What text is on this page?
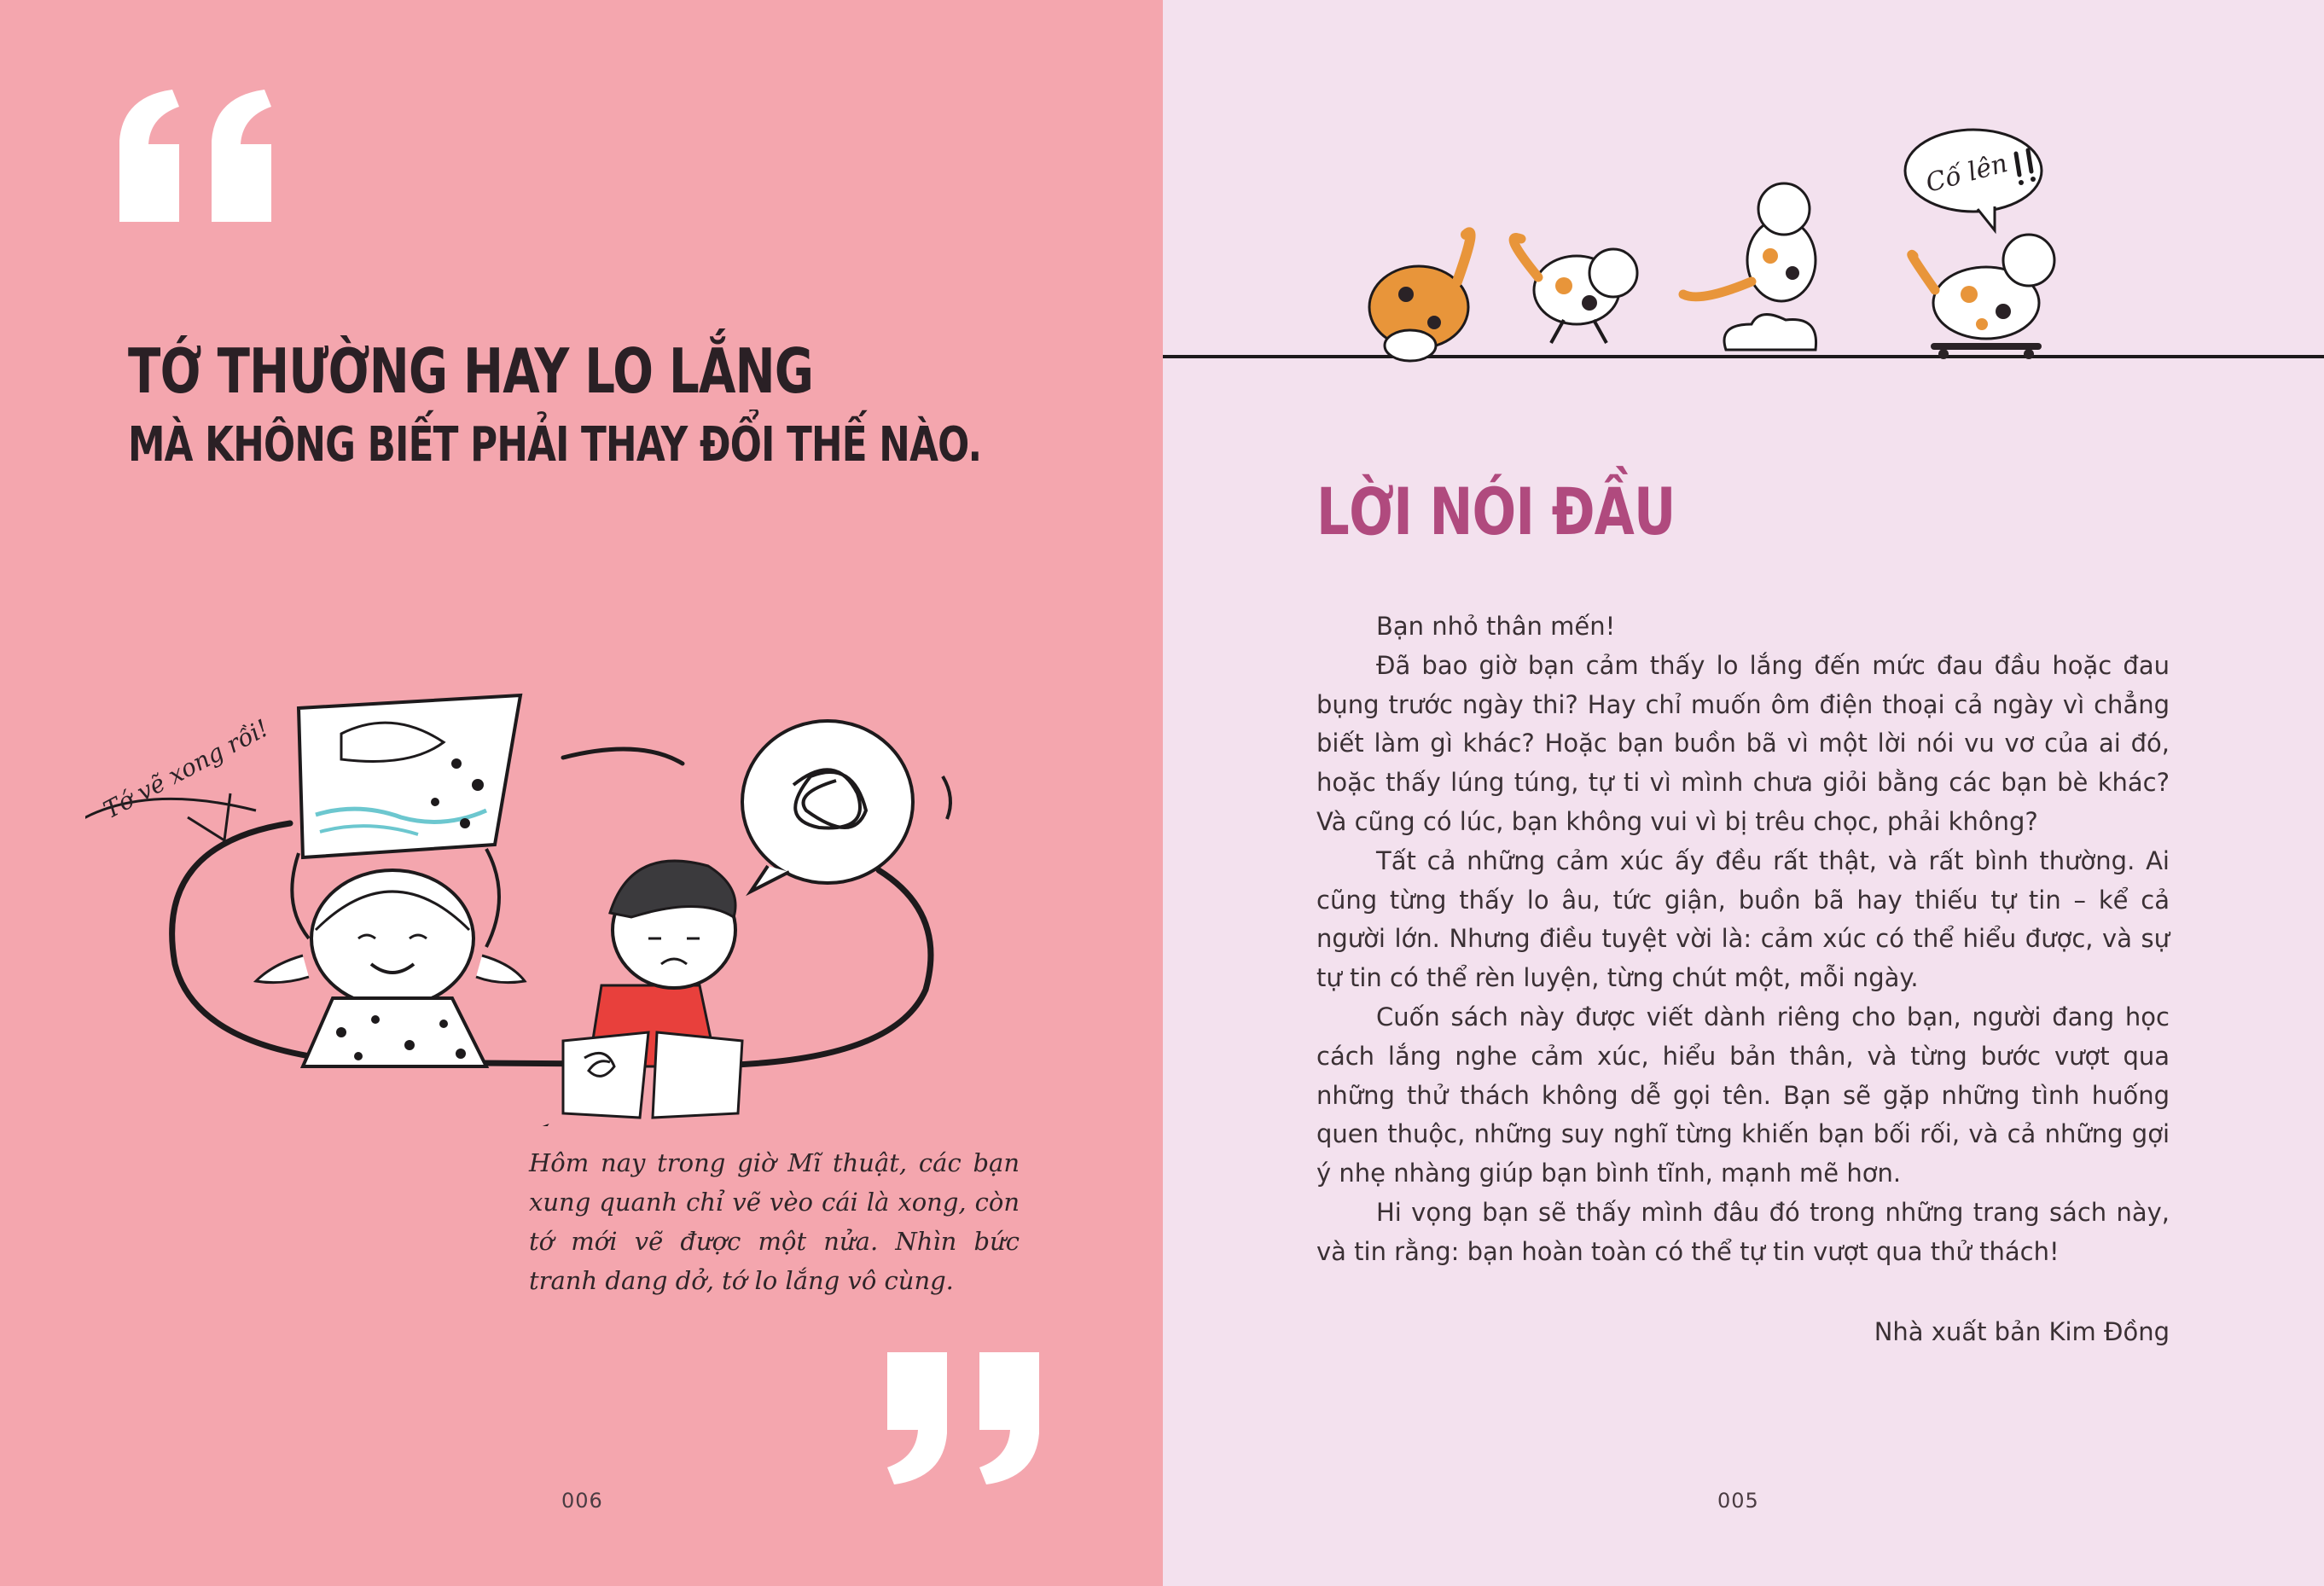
TỚ THƯỜNG HAY LO LẮNG
MÀ KHÔNG BIẾT PHẢI THAY ĐỔI THẾ NÀO.
Tớ vẽ xong rồi!

Hôm nay trong giờ Mĩ thuật, các bạn xung quanh chỉ vẽ vèo cái là xong, còn tớ mới vẽ được một nửa. Nhìn bức tranh dang dở, tớ lo lắng vô cùng.

006
Cố lên
LỜI NÓI ĐẦU

Bạn nhỏ thân mến!

Đã bao giờ bạn cảm thấy lo lắng đến mức đau đầu hoặc đau bụng trước ngày thi? Hay chỉ muốn ôm điện thoại cả ngày vì chẳng biết làm gì khác? Hoặc bạn buồn bã vì một lời nói vu vơ của ai đó, hoặc thấy lúng túng, tự ti vì mình chưa giỏi bằng các bạn bè khác? Và cũng có lúc, bạn không vui vì bị trêu chọc, phải không?

Tất cả những cảm xúc ấy đều rất thật, và rất bình thường. Ai cũng từng thấy lo âu, tức giận, buồn bã hay thiếu tự tin – kể cả người lớn. Nhưng điều tuyệt vời là: cảm xúc có thể hiểu được, và sự tự tin có thể rèn luyện, từng chút một, mỗi ngày.

Cuốn sách này được viết dành riêng cho bạn, người đang học cách lắng nghe cảm xúc, hiểu bản thân, và từng bước vượt qua những thử thách không dễ gọi tên. Bạn sẽ gặp những tình huống quen thuộc, những suy nghĩ từng khiến bạn bối rối, và cả những gợi ý nhẹ nhàng giúp bạn bình tĩnh, mạnh mẽ hơn.

Hi vọng bạn sẽ thấy mình đâu đó trong những trang sách này, và tin rằng: bạn hoàn toàn có thể tự tin vượt qua thử thách!

Nhà xuất bản Kim Đồng

005
